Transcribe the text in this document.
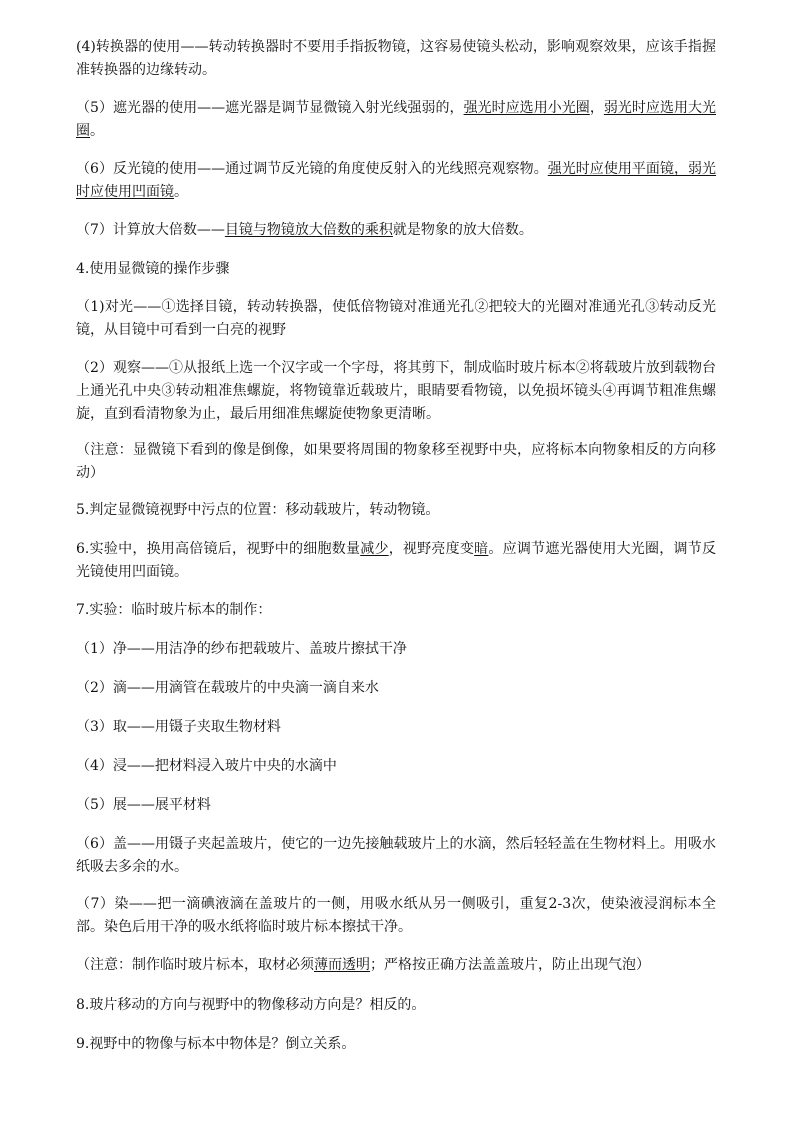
(4)转换器的使用——转动转换器时不要用手指扳物镜，这容易使镜头松动，影响观察效果，应该手指握准转换器的边缘转动。

（5）遮光器的使用——遮光器是调节显微镜入射光线强弱的，强光时应选用小光圈，弱光时应选用大光圈。

（6）反光镜的使用——通过调节反光镜的角度使反射入的光线照亮观察物。强光时应使用平面镜，弱光时应使用凹面镜。

（7）计算放大倍数——目镜与物镜放大倍数的乘积就是物象的放大倍数。

4.使用显微镜的操作步骤

（1)对光——①选择目镜，转动转换器，使低倍物镜对准通光孔②把较大的光圈对准通光孔③转动反光镜，从目镜中可看到一白亮的视野

（2）观察——①从报纸上选一个汉字或一个字母，将其剪下，制成临时玻片标本②将载玻片放到载物台上通光孔中央③转动粗准焦螺旋，将物镜靠近载玻片，眼睛要看物镜，以免损坏镜头④再调节粗准焦螺旋，直到看清物象为止，最后用细准焦螺旋使物象更清晰。

（注意：显微镜下看到的像是倒像，如果要将周围的物象移至视野中央，应将标本向物象相反的方向移动）

5.判定显微镜视野中污点的位置：移动载玻片，转动物镜。

6.实验中，换用高倍镜后，视野中的细胞数量减少，视野亮度变暗。应调节遮光器使用大光圈，调节反光镜使用凹面镜。

7.实验：临时玻片标本的制作：

（1）净——用洁净的纱布把载玻片、盖玻片擦拭干净

（2）滴——用滴管在载玻片的中央滴一滴自来水

（3）取——用镊子夹取生物材料

（4）浸——把材料浸入玻片中央的水滴中

（5）展——展平材料

（6）盖——用镊子夹起盖玻片，使它的一边先接触载玻片上的水滴，然后轻轻盖在生物材料上。用吸水纸吸去多余的水。

（7）染——把一滴碘液滴在盖玻片的一侧，用吸水纸从另一侧吸引，重复2-3次，使染液浸润标本全部。染色后用干净的吸水纸将临时玻片标本擦拭干净。

（注意：制作临时玻片标本，取材必须薄而透明；严格按正确方法盖盖玻片，防止出现气泡）

8.玻片移动的方向与视野中的物像移动方向是？相反的。

9.视野中的物像与标本中物体是？倒立关系。
